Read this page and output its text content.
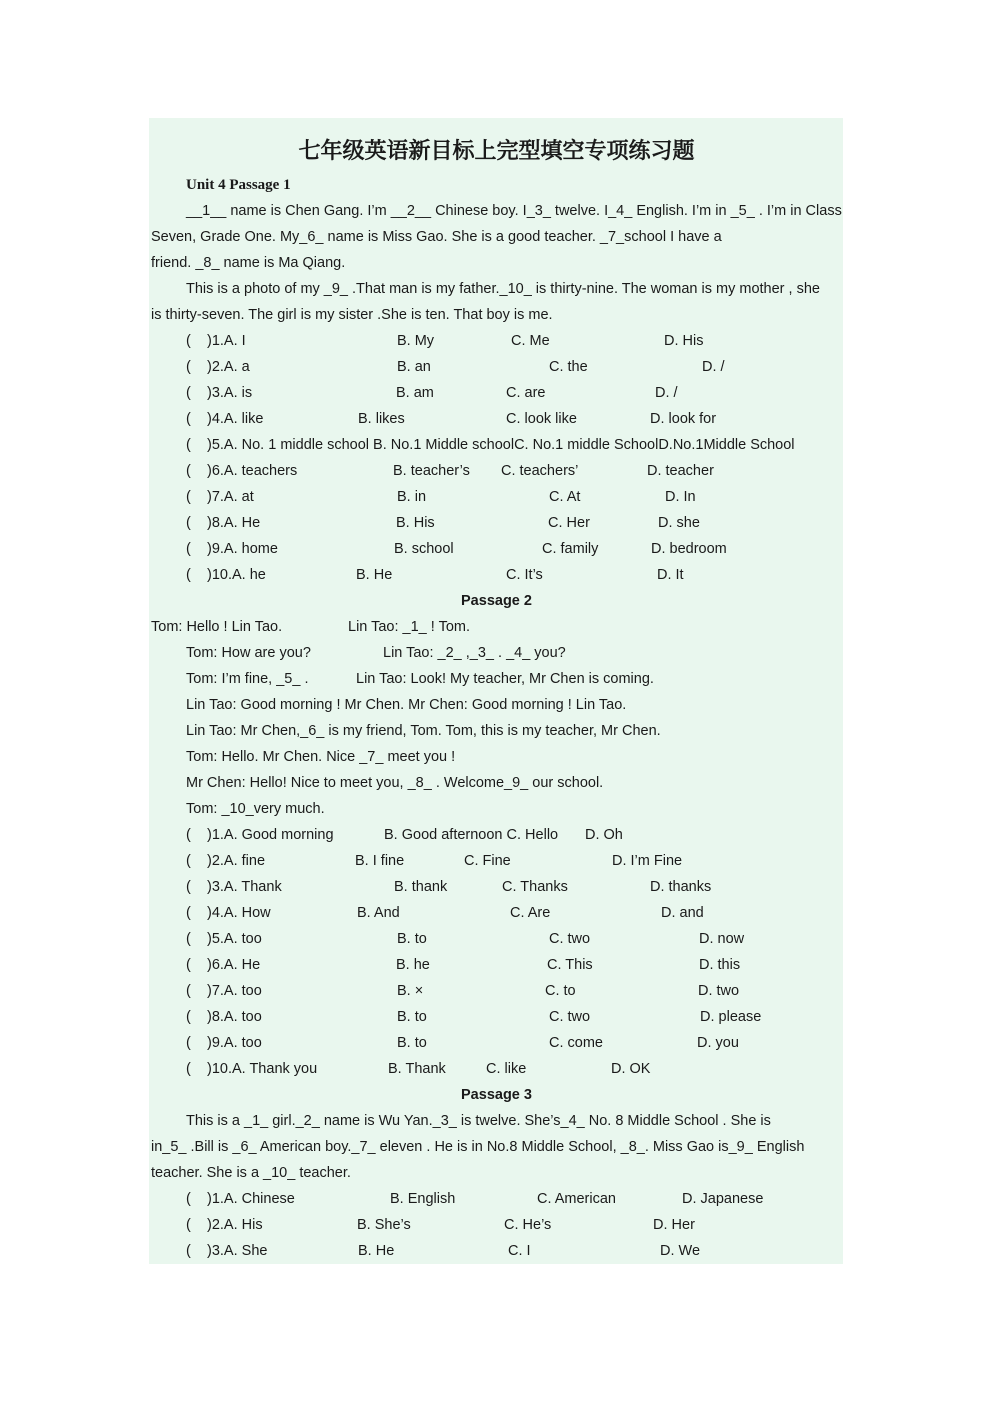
七年级英语新目标上完型填空专项练习题
Unit 4 Passage 1
__1__ name is Chen Gang. I’m __2__ Chinese boy. I_3_ twelve. I_4_ English. I’m in _5_ . I’m in Class
Seven, Grade One. My_6_ name is Miss Gao. She is a good teacher. _7_school I have a
friend. _8_ name is Ma Qiang.
This is a photo of my _9_ .That man is my father._10_ is thirty-nine. The woman is my mother , she
is thirty-seven. The girl is my sister .She is ten. That boy is me.
( )1.A. I	B. My	C. Me	D. His
( )2.A. a	B. an	C. the	D. /
( )3.A. is	B. am	C. are	D. /
( )4.A. like	B. likes	C. look like	D. look for
( )5.A. No. 1 middle school B. No.1 Middle schoolC. No.1 middle SchoolD.No.1Middle School
( )6.A. teachers	B. teacher’s C. teachers’	D. teacher
( )7.A. at	B. in	C. At	D. In
( )8.A. He	B. His	C. Her	D. she
( )9.A. home	B. school	C. family	D. bedroom
( )10.A. he	B. He	C. It’s	D. It
Passage 2
Tom: Hello ! Lin Tao.	Lin Tao: _1_ ! Tom.
Tom: How are you?	Lin Tao: _2_ ,_3_ . _4_ you?
Tom: I’m fine, _5_ .	Lin Tao: Look! My teacher, Mr Chen is coming.
Lin Tao: Good morning ! Mr Chen. Mr Chen: Good morning ! Lin Tao.
Lin Tao: Mr Chen,_6_ is my friend, Tom. Tom, this is my teacher, Mr Chen.
Tom: Hello. Mr Chen. Nice _7_ meet you !
Mr Chen: Hello! Nice to meet you, _8_ . Welcome_9_ our school.
Tom: _10_very much.
( )1.A. Good morning	B. Good afternoon C. Hello D. Oh
( )2.A. fine	B. I fine	C. Fine	D. I’m Fine
( )3.A. Thank	B. thank	C. Thanks	D. thanks
( )4.A. How	B. And	C. Are	D. and
( )5.A. too	B. to	C. two	D. now
( )6.A. He	B. he	C. This	D. this
( )7.A. too	B. ×	C. to	D. two
( )8.A. too	B. to	C. two	D. please
( )9.A. too	B. to	C. come	D. you
( )10.A. Thank you	B. Thank	C. like	D. OK
Passage 3
This is a _1_ girl._2_ name is Wu Yan._3_ is twelve. She’s_4_ No. 8 Middle School . She is
in_5_ .Bill is _6_ American boy._7_ eleven . He is in No.8 Middle School, _8_. Miss Gao is_9_ English
teacher. She is a _10_ teacher.
( )1.A. Chinese	B. English	C. American	D. Japanese
( )2.A. His	B. She’s	C. He’s	D. Her
( )3.A. She	B. He	C. I	D. We
